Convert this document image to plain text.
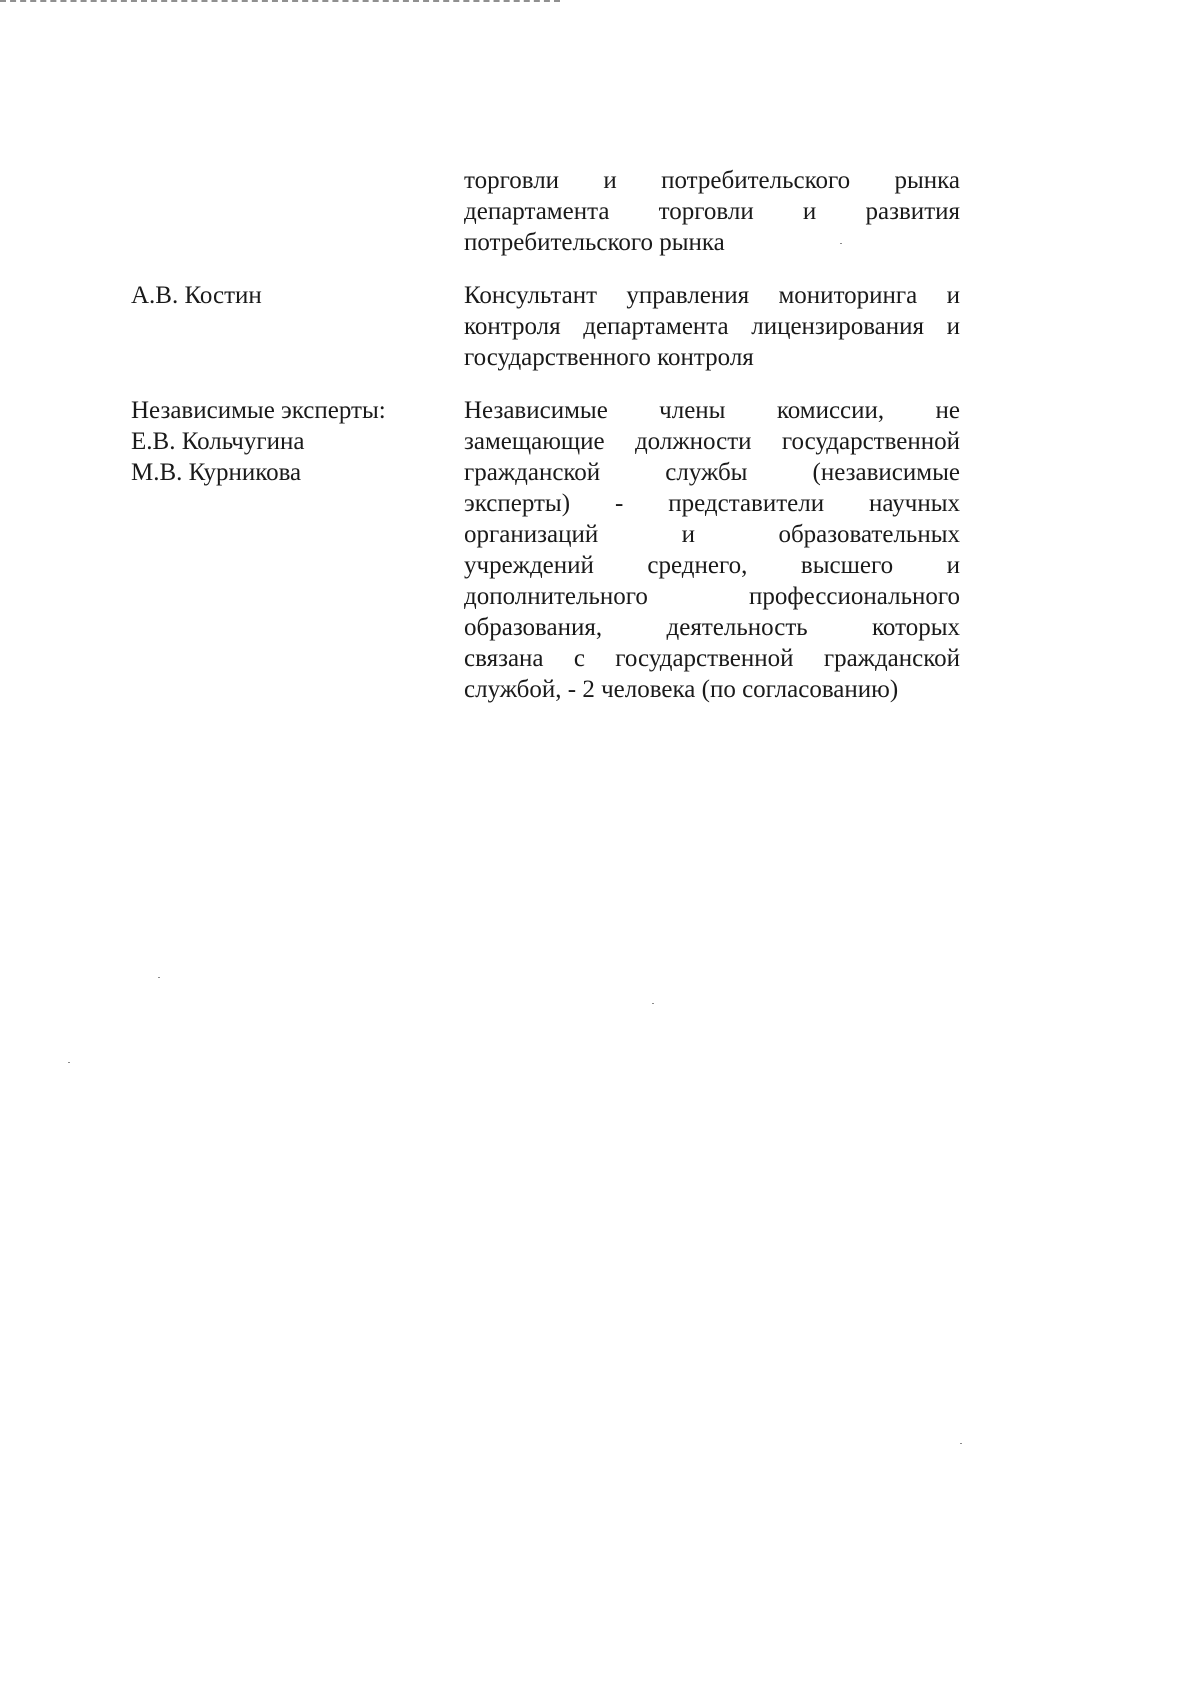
торговли и потребительского рынка
департамента торговли и развития
потребительского рынка
А.В. Костин	Консультант управления мониторинга и
контроля департамента лицензирования и
государственного контроля
Независимые эксперты:
Е.В. Кольчугина
М.В. Курникова
Независимые члены комиссии, не
замещающие должности государственной
гражданской службы (независимые
эксперты) - представители научных
организаций и образовательных
учреждений среднего, высшего и
дополнительного профессионального
образования, деятельность которых
связана с государственной гражданской
службой, - 2 человека (по согласованию)
